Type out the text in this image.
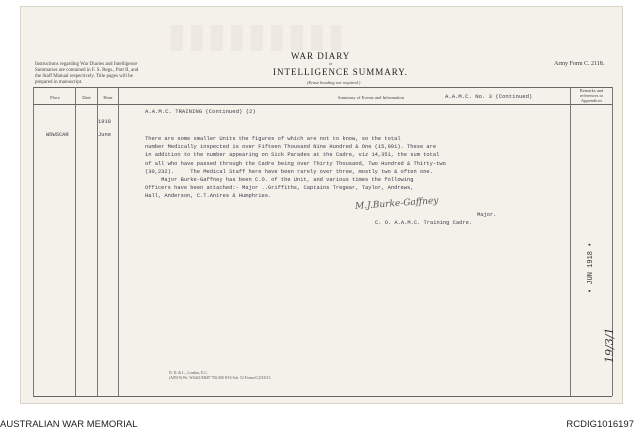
Instructions regarding War Diaries and Intelligence Summaries are contained in F. S. Regs., Part II, and the Staff Manual respectively. Title pages will be prepared in manuscript.
WAR DIARY
or
INTELLIGENCE SUMMARY.
(Erase heading not required.)
Army Form C. 2118.
Place	Date	Hour	Summary of Events and Information
Remarks and references to Appendices
A.A.M.C. No. 3 (Continued)
1918
WOWSCAR	June
A.A.M.C. TRAINING (Continued) (2)
There are some smaller Units the figures of which are not to know, so the total
number Medically inspected is over Fifteen Thousand Nine Hundred & One (15,901). These are
in addition to the number appearing on Sick Parades at the Cadre, viz 14,351, the sum total
of all who have passed through the Cadre being over Thirty Thousand, Two Hundred & Thirty-two
(30,232).     The Medical Staff here have been rarely over three, mostly two & often one.
Major Burke-Gaffney has been C.O. of the Unit, and various times the following
Officers have been attached:- Major ..Griffiths, Captains Tregear, Taylor, Andrews,
Hall, Anderson, C.T.Anires & Humphries.	M.J.Burke-Gaffney
Major.
C. O. A.A.M.C. Training Cadre.
• JUN 1918 •
19/3/1
D. D. & L., London, E.C.
(A8519) Wt. W4441/M687 750,000 8/16 Sch. 52 Forms/C2118/13.
AUSTRALIAN WAR MEMORIAL	RCDIG1016197
